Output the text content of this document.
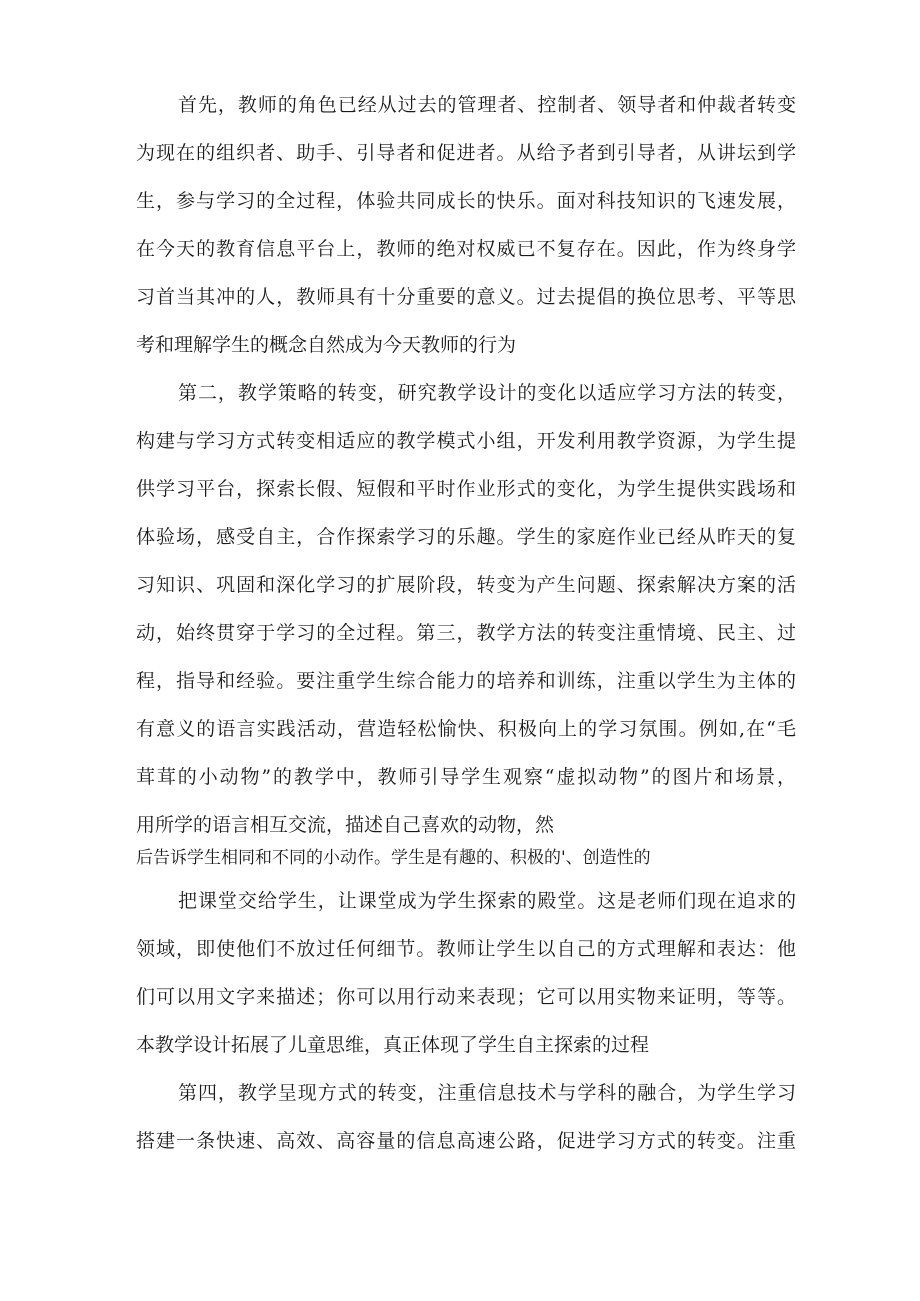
首先，教师的角色已经从过去的管理者、控制者、领导者和仲裁者转变
为现在的组织者、助手、引导者和促进者。从给予者到引导者，从讲坛到学
生，参与学习的全过程，体验共同成长的快乐。面对科技知识的飞速发展，
在今天的教育信息平台上，教师的绝对权威已不复存在。因此，作为终身学
习首当其冲的人，教师具有十分重要的意义。过去提倡的换位思考、平等思
考和理解学生的概念自然成为今天教师的行为
第二，教学策略的转变，研究教学设计的变化以适应学习方法的转变，
构建与学习方式转变相适应的教学模式小组，开发利用教学资源，为学生提
供学习平台，探索长假、短假和平时作业形式的变化，为学生提供实践场和
体验场，感受自主，合作探索学习的乐趣。学生的家庭作业已经从昨天的复
习知识、巩固和深化学习的扩展阶段，转变为产生问题、探索解决方案的活
动，始终贯穿于学习的全过程。第三，教学方法的转变注重情境、民主、过
程，指导和经验。要注重学生综合能力的培养和训练，注重以学生为主体的
有意义的语言实践活动，营造轻松愉快、积极向上的学习氛围。例如,在“毛
茸茸的小动物”的教学中，教师引导学生观察“虚拟动物”的图片和场景，
用所学的语言相互交流，描述自己喜欢的动物，然
后告诉学生相同和不同的小动作。学生是有趣的、积极的'、创造性的
把课堂交给学生，让课堂成为学生探索的殿堂。这是老师们现在追求的
领域，即使他们不放过任何细节。教师让学生以自己的方式理解和表达：他
们可以用文字来描述；你可以用行动来表现；它可以用实物来证明，等等。
本教学设计拓展了儿童思维，真正体现了学生自主探索的过程
第四，教学呈现方式的转变，注重信息技术与学科的融合，为学生学习
搭建一条快速、高效、高容量的信息高速公路，促进学习方式的转变。注重
